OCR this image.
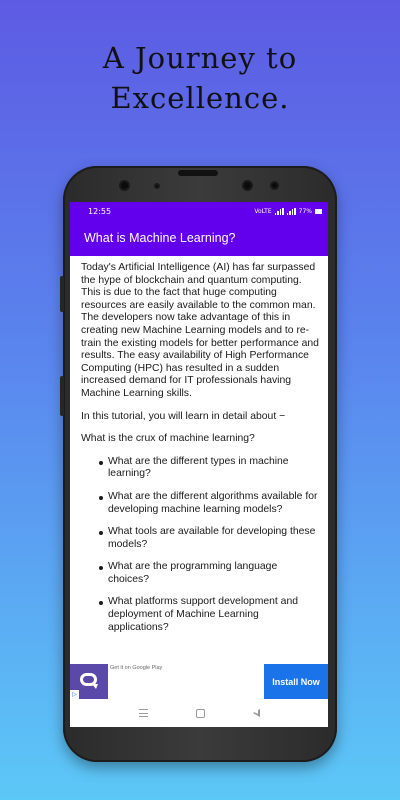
A Journey to
Excellence.
12:55	VoLTE	77%
What is Machine Learning?

Today's Artificial Intelligence (AI) has far surpassed the hype of blockchain and quantum computing. This is due to the fact that huge computing resources are easily available to the common man. The developers now take advantage of this in creating new Machine Learning models and to re-train the existing models for better performance and results. The easy availability of High Performance Computing (HPC) has resulted in a sudden increased demand for IT professionals having Machine Learning skills.

In this tutorial, you will learn in detail about −

What is the crux of machine learning?

What are the different types in machine learning?
What are the different algorithms available for developing machine learning models?
What tools are available for developing these models?
What are the programming language choices?
What platforms support development and deployment of Machine Learning applications?
▷
Get it on Google Play
Install Now
